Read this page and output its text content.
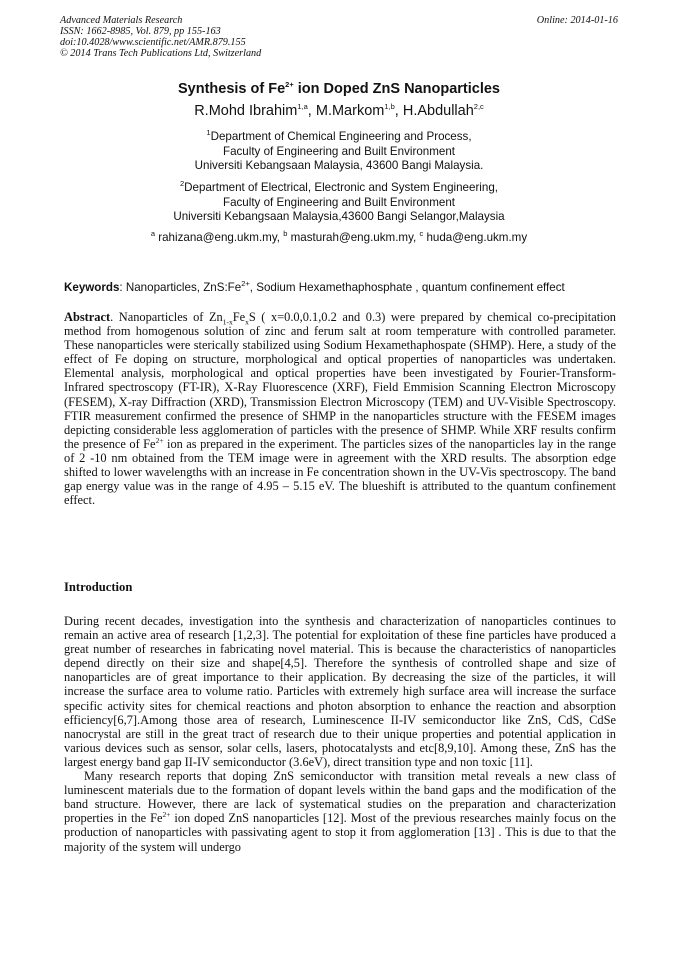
Advanced Materials Research
ISSN: 1662-8985, Vol. 879, pp 155-163
doi:10.4028/www.scientific.net/AMR.879.155
© 2014 Trans Tech Publications Ltd, Switzerland
Online: 2014-01-16
Synthesis of $Fe^{2+}$ ion Doped ZnS Nanoparticles
R.Mohd Ibrahim$^{1,a}$, M.Markom$^{1,b}$, H.Abdullah$^{2,c}$
$^1$Department of Chemical Engineering and Process,
Faculty of Engineering and Built Environment
Universiti Kebangsaan Malaysia, 43600 Bangi Malaysia.
$^2$Department of Electrical, Electronic and System Engineering,
Faculty of Engineering and Built Environment
Universiti Kebangsaan Malaysia,43600 Bangi Selangor,Malaysia
$^a$ rahizana@eng.ukm.my, $^b$ masturah@eng.ukm.my, $^c$ huda@eng.ukm.my
Keywords: Nanoparticles, $ZnS:Fe^{2+}$, Sodium Hexamethaphosphate , quantum confinement effect
Abstract. Nanoparticles of $Zn_{1-x}Fe_xS$ ( x=0.0,0.1,0.2 and 0.3) were prepared by chemical co-precipitation method from homogenous solution of zinc and ferum salt at room temperature with controlled parameter. These nanoparticles were sterically stabilized using Sodium Hexamethaphospate (SHMP). Here, a study of the effect of Fe doping on structure, morphological and optical properties of nanoparticles was undertaken. Elemental analysis, morphological and optical properties have been investigated by Fourier-Transform-Infrared spectroscopy (FT-IR), X-Ray Fluorescence (XRF), Field Emmision Scanning Electron Microscopy (FESEM), X-ray Diffraction (XRD), Transmission Electron Microscopy (TEM) and UV-Visible Spectroscopy. FTIR measurement confirmed the presence of SHMP in the nanoparticles structure with the FESEM images depicting considerable less agglomeration of particles with the presence of SHMP. While XRF results confirm the presence of $Fe^{2+}$ ion as prepared in the experiment. The particles sizes of the nanoparticles lay in the range of 2 -10 nm obtained from the TEM image were in agreement with the XRD results. The absorption edge shifted to lower wavelengths with an increase in Fe concentration shown in the UV-Vis spectroscopy. The band gap energy value was in the range of 4.95 – 5.15 eV. The blueshift is attributed to the quantum confinement effect.
Introduction

During recent decades, investigation into the synthesis and characterization of nanoparticles continues to remain an active area of research [1,2,3]. The potential for exploitation of these fine particles have produced a great number of researches in fabricating novel material. This is because the characteristics of nanoparticles depend directly on their size and shape[4,5]. Therefore the synthesis of controlled shape and size of nanoparticles are of great importance to their application. By decreasing the size of the particles, it will increase the surface area to volume ratio. Particles with extremely high surface area will increase the surface specific activity sites for chemical reactions and photon absorption to enhance the reaction and absorption efficiency[6,7].Among those area of research, Luminescence II-IV semiconductor like ZnS, CdS, CdSe nanocrystal are still in the great tract of research due to their unique properties and potential application in various devices such as sensor, solar cells, lasers, photocatalysts and etc[8,9,10]. Among these, ZnS has the largest energy band gap II-IV semiconductor (3.6eV), direct transition type and non toxic [11].

Many research reports that doping ZnS semiconductor with transition metal reveals a new class of luminescent materials due to the formation of dopant levels within the band gaps and the modification of the band structure. However, there are lack of systematical studies on the preparation and characterization properties in the $Fe^{2+}$ ion doped ZnS nanoparticles [12]. Most of the previous researches mainly focus on the production of nanoparticles with passivating agent to stop it from agglomeration [13] . This is due to that the majority of the system will undergo
